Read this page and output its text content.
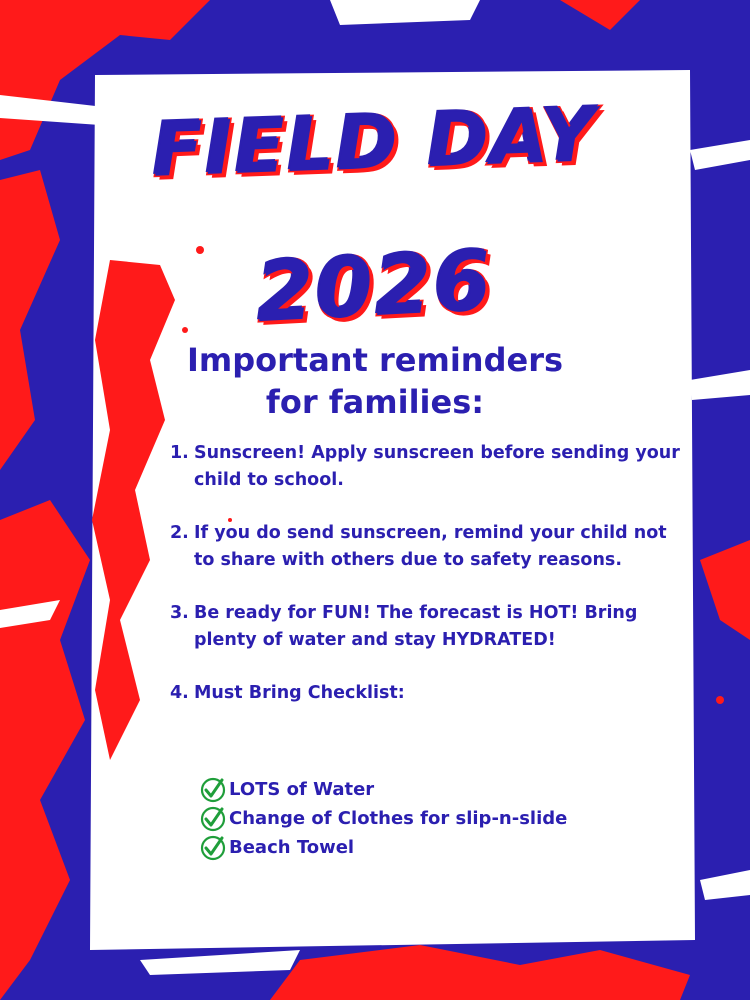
FIELD DAY
2026
Important reminders
for families:
1. Sunscreen! Apply sunscreen before sending your child to school.
2. If you do send sunscreen, remind your child not to share with others due to safety reasons.
3. Be ready for FUN! The forecast is HOT! Bring plenty of water and stay HYDRATED!
4. Must Bring Checklist:
LOTS of Water
Change of Clothes for slip-n-slide
Beach Towel
